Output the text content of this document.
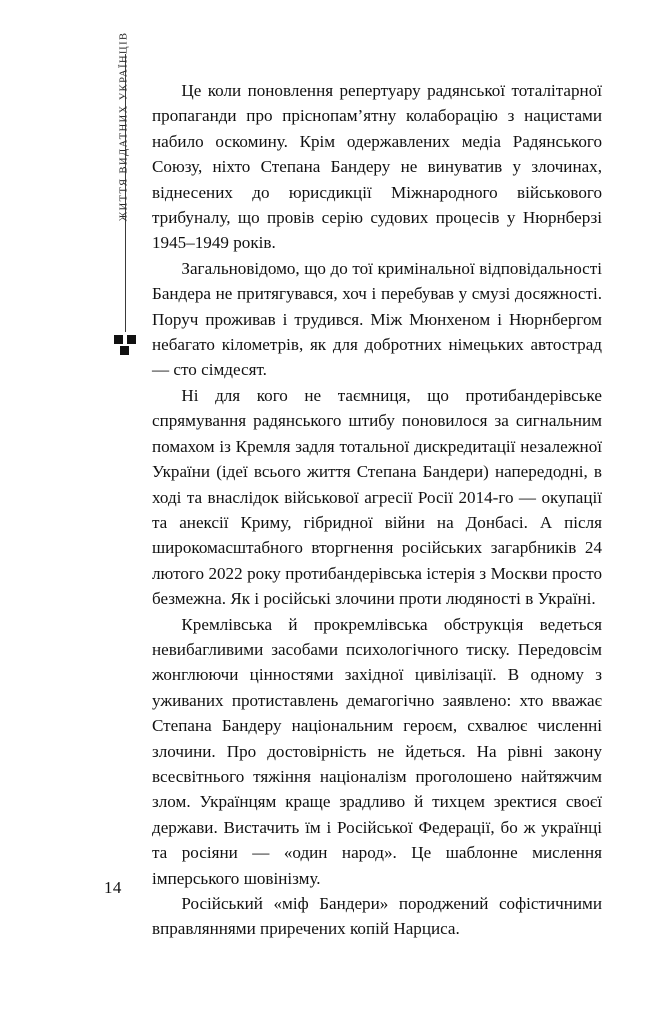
ЖИТТЯ ВИДАТНИХ УКРАЇНЦІВ
14

Це коли поновлення репертуару радянської тоталітарної пропаганди про пріснопам’ятну колаборацію з нацистами набило оскомину. Крім одержавлених медіа Радянського Союзу, ніхто Степана Бандеру не винуватив у злочинах, віднесених до юрисдикції Міжнародного військового трибуналу, що провів серію судових процесів у Нюрнберзі 1945–1949 років.

Загальновідомо, що до тої кримінальної відповідальності Бандера не притягувався, хоч і перебував у смузі досяжності. Поруч проживав і трудився. Між Мюнхеном і Нюрнбергом небагато кілометрів, як для добротних німецьких автострад — сто сімдесят.

Ні для кого не таємниця, що протибандерівське спрямування радянського штибу поновилося за сигнальним помахом із Кремля задля тотальної дискредитації незалежної України (ідеї всього життя Степана Бандери) напередодні, в ході та внаслідок військової агресії Росії 2014-го — окупації та анексії Криму, гібридної війни на Донбасі. А після широкомасштабного вторгнення російських загарбників 24 лютого 2022 року протибандерівська істерія з Москви просто безмежна. Як і російські злочини проти людяності в Україні.

Кремлівська й прокремлівська обструкція ведеться невибагливими засобами психологічного тиску. Передовсім жонглюючи цінностями західної цивілізації. В одному з уживаних протиставлень демагогічно заявлено: хто вважає Степана Бандеру національним героєм, схвалює численні злочини. Про достовірність не йдеться. На рівні закону всесвітнього тяжіння націоналізм проголошено найтяжчим злом. Українцям краще зрадливо й тихцем зректися своєї держави. Вистачить їм і Російської Федерації, бо ж українці та росіяни — «один народ». Це шаблонне мислення імперського шовінізму.

Російський «міф Бандери» породжений софістичними вправляннями приречених копій Нарциса.
